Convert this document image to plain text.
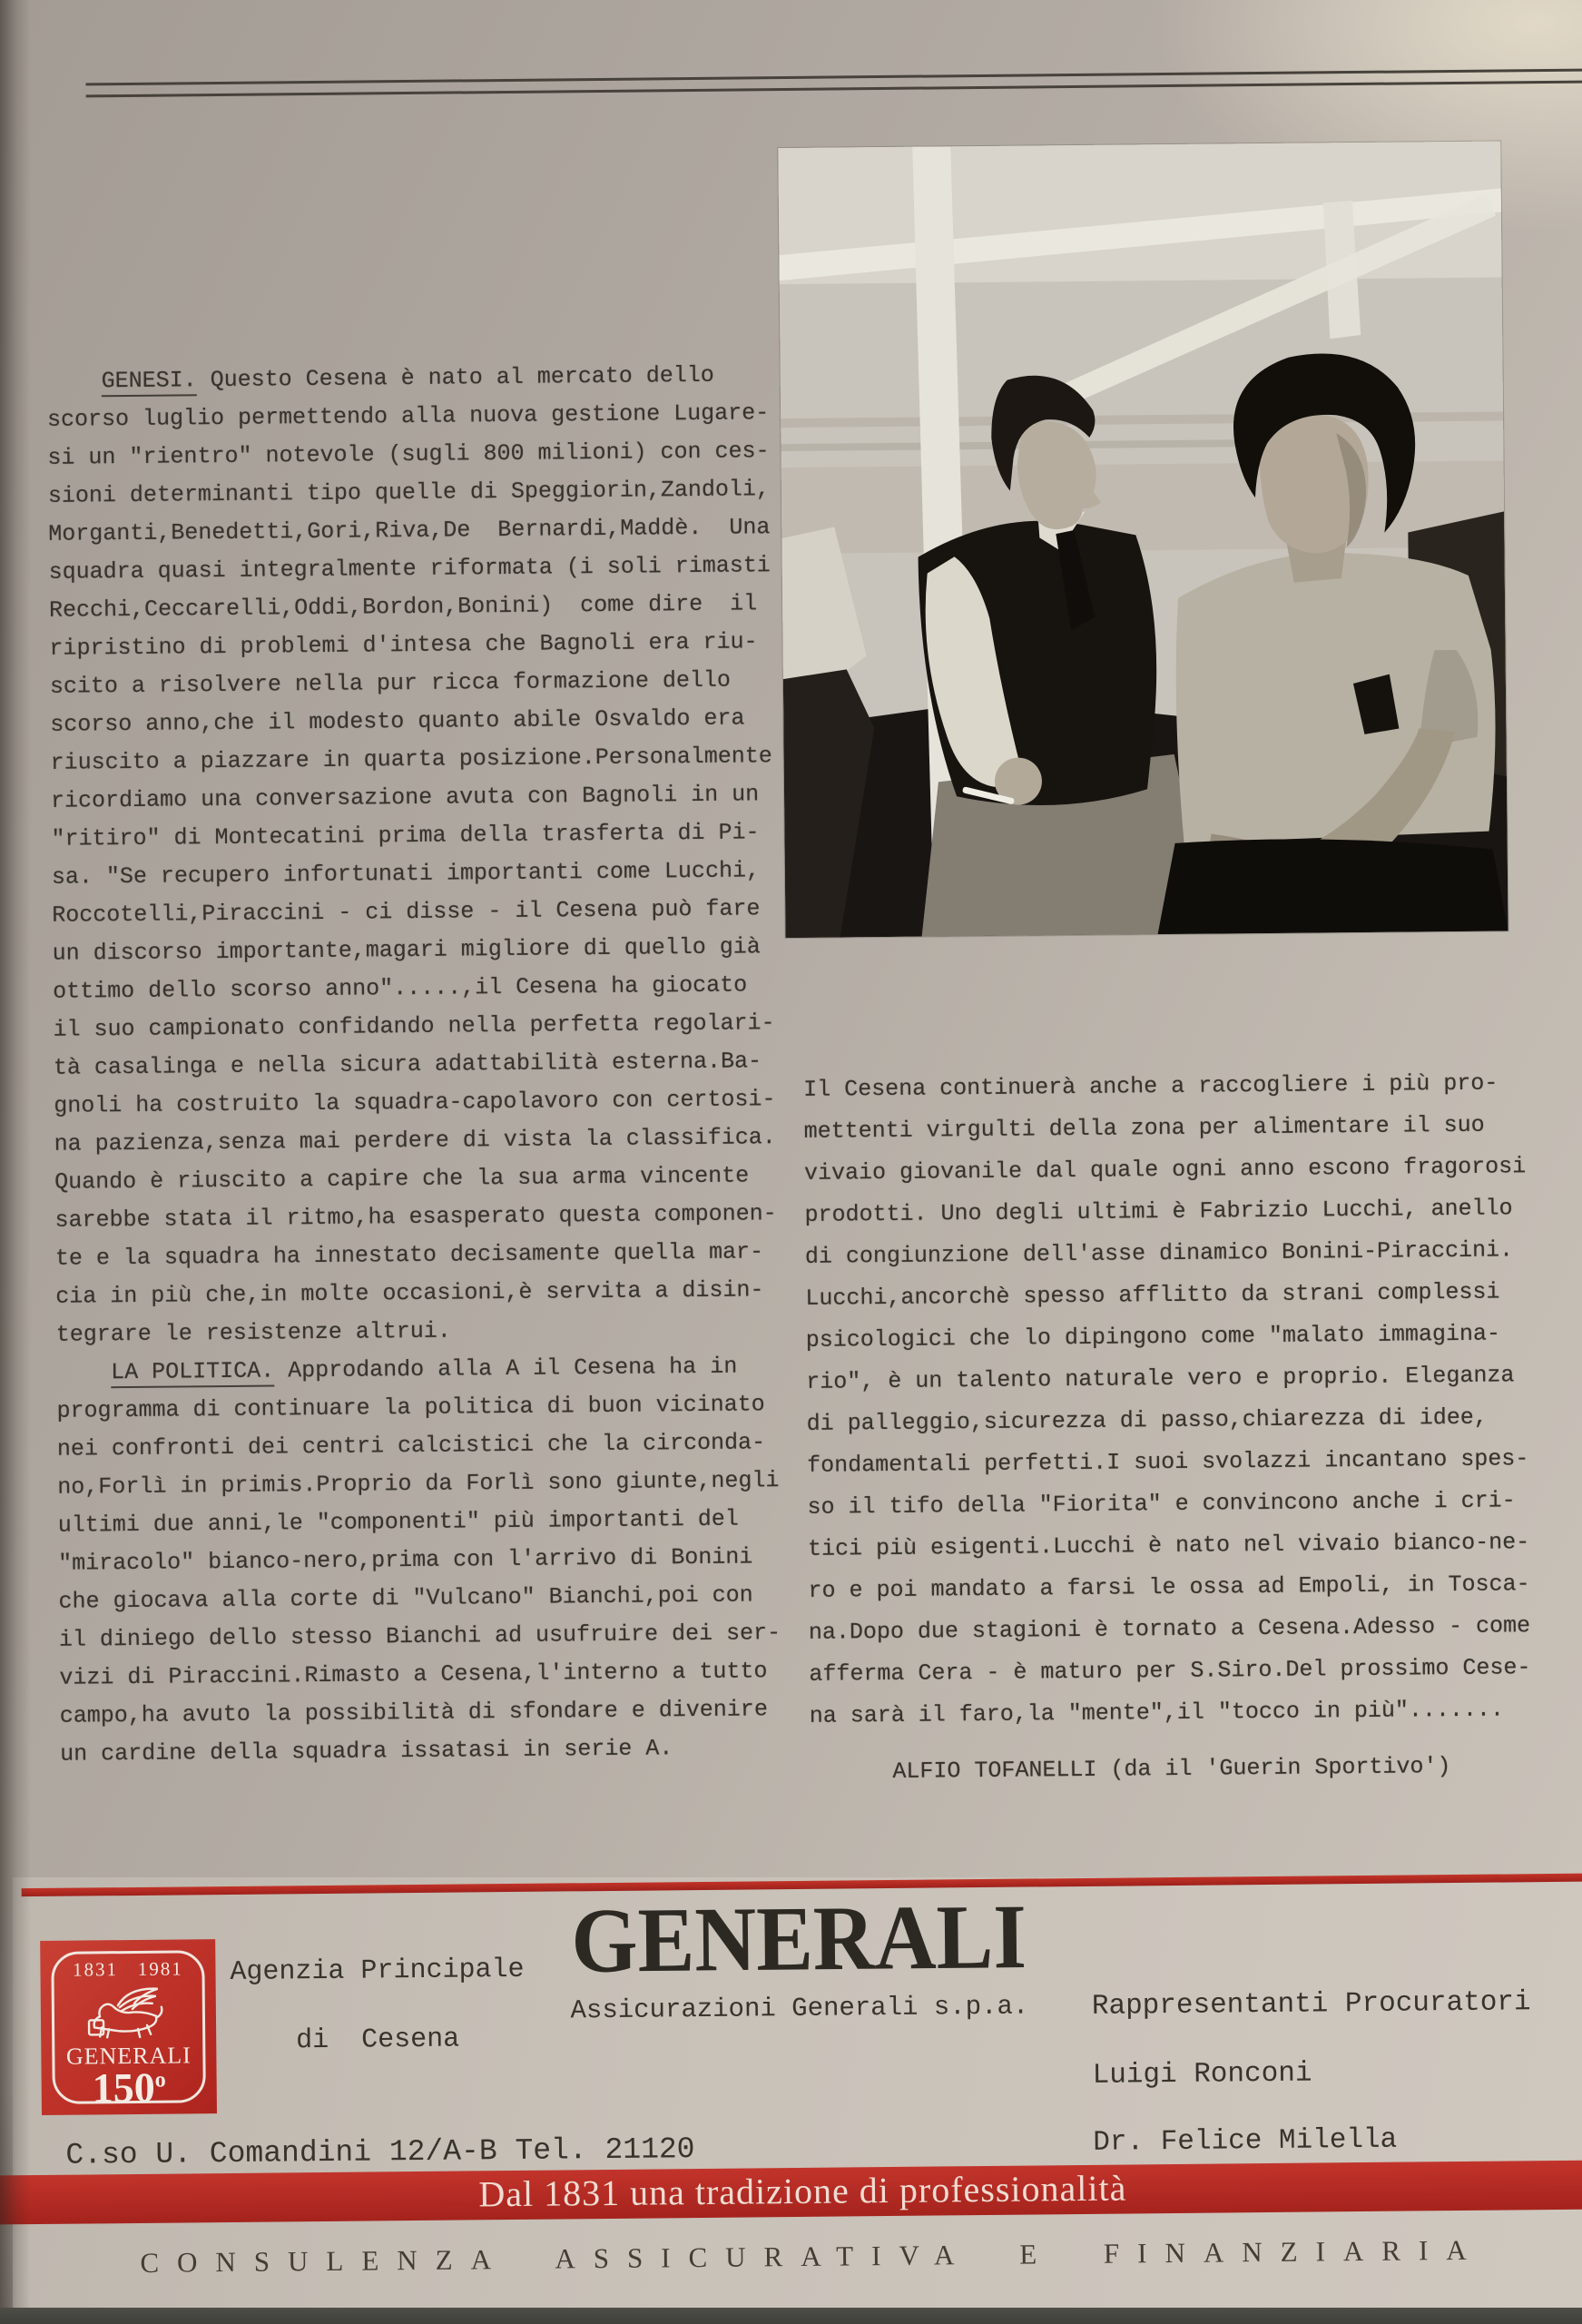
GENESI. Questo Cesena è nato al mercato dello
scorso luglio permettendo alla nuova gestione Lugare-
si un "rientro" notevole (sugli 800 milioni) con ces-
sioni determinanti tipo quelle di Speggiorin,Zandoli,
Morganti,Benedetti,Gori,Riva,De  Bernardi,Maddè.  Una
squadra quasi integralmente riformata (i soli rimasti
Recchi,Ceccarelli,Oddi,Bordon,Bonini)  come dire  il
ripristino di problemi d'intesa che Bagnoli era riu-
scito a risolvere nella pur ricca formazione dello
scorso anno,che il modesto quanto abile Osvaldo era
riuscito a piazzare in quarta posizione.Personalmente
ricordiamo una conversazione avuta con Bagnoli in un
"ritiro" di Montecatini prima della trasferta di Pi-
sa. "Se recupero infortunati importanti come Lucchi,
Roccotelli,Piraccini - ci disse - il Cesena può fare
un discorso importante,magari migliore di quello già
ottimo dello scorso anno".....,il Cesena ha giocato
il suo campionato confidando nella perfetta regolari-
tà casalinga e nella sicura adattabilità esterna.Ba-
gnoli ha costruito la squadra-capolavoro con certosi-
na pazienza,senza mai perdere di vista la classifica.
Quando è riuscito a capire che la sua arma vincente
sarebbe stata il ritmo,ha esasperato questa componen-
te e la squadra ha innestato decisamente quella mar-
cia in più che,in molte occasioni,è servita a disin-
tegrare le resistenze altrui.
LA POLITICA. Approdando alla A il Cesena ha in
programma di continuare la politica di buon vicinato
nei confronti dei centri calcistici che la circonda-
no,Forlì in primis.Proprio da Forlì sono giunte,negli
ultimi due anni,le "componenti" più importanti del
"miracolo" bianco-nero,prima con l'arrivo di Bonini
che giocava alla corte di "Vulcano" Bianchi,poi con
il diniego dello stesso Bianchi ad usufruire dei ser-
vizi di Piraccini.Rimasto a Cesena,l'interno a tutto
campo,ha avuto la possibilità di sfondare e divenire
un cardine della squadra issatasi in serie A.
Il Cesena continuerà anche a raccogliere i più pro-
mettenti virgulti della zona per alimentare il suo
vivaio giovanile dal quale ogni anno escono fragorosi
prodotti. Uno degli ultimi è Fabrizio Lucchi, anello
di congiunzione dell'asse dinamico Bonini-Piraccini.
Lucchi,ancorchè spesso afflitto da strani complessi
psicologici che lo dipingono come "malato immagina-
rio", è un talento naturale vero e proprio. Eleganza
di palleggio,sicurezza di passo,chiarezza di idee,
fondamentali perfetti.I suoi svolazzi incantano spes-
so il tifo della "Fiorita" e convincono anche i cri-
tici più esigenti.Lucchi è nato nel vivaio bianco-ne-
ro e poi mandato a farsi le ossa ad Empoli, in Tosca-
na.Dopo due stagioni è tornato a Cesena.Adesso - come
afferma Cera - è maturo per S.Siro.Del prossimo Cese-
na sarà il faro,la "mente",il "tocco in più".......
ALFIO TOFANELLI (da il 'Guerin Sportivo')
1831   1981
GENERALI
150$^o$
GENERALI
Assicurazioni Generali s.p.a.
Agenzia Principale
di  Cesena
C.so U. Comandini 12/A-B Tel. 21120
Rappresentanti Procuratori
Luigi Ronconi
Dr. Felice Milella
Dal 1831 una tradizione di professionalità
CONSULENZA ASSICURATIVA E FINANZIARIA
